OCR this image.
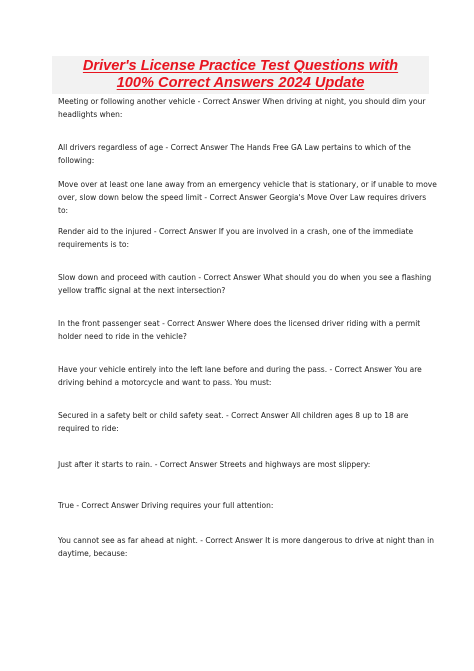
Driver's License Practice Test Questions with
100% Correct Answers 2024 Update

Meeting or following another vehicle - Correct Answer When driving at night, you should dim your headlights when:

All drivers regardless of age - Correct Answer The Hands Free GA Law pertains to which of the following:

Move over at least one lane away from an emergency vehicle that is stationary, or if unable to move over, slow down below the speed limit - Correct Answer Georgia's Move Over Law requires drivers to:

Render aid to the injured - Correct Answer If you are involved in a crash, one of the immediate requirements is to:

Slow down and proceed with caution - Correct Answer What should you do when you see a flashing yellow traffic signal at the next intersection?

In the front passenger seat - Correct Answer Where does the licensed driver riding with a permit holder need to ride in the vehicle?

Have your vehicle entirely into the left lane before and during the pass. - Correct Answer You are driving behind a motorcycle and want to pass. You must:

Secured in a safety belt or child safety seat. - Correct Answer All children ages 8 up to 18 are required to ride:

Just after it starts to rain. - Correct Answer Streets and highways are most slippery:

True - Correct Answer Driving requires your full attention:

You cannot see as far ahead at night. - Correct Answer It is more dangerous to drive at night than in daytime, because:
